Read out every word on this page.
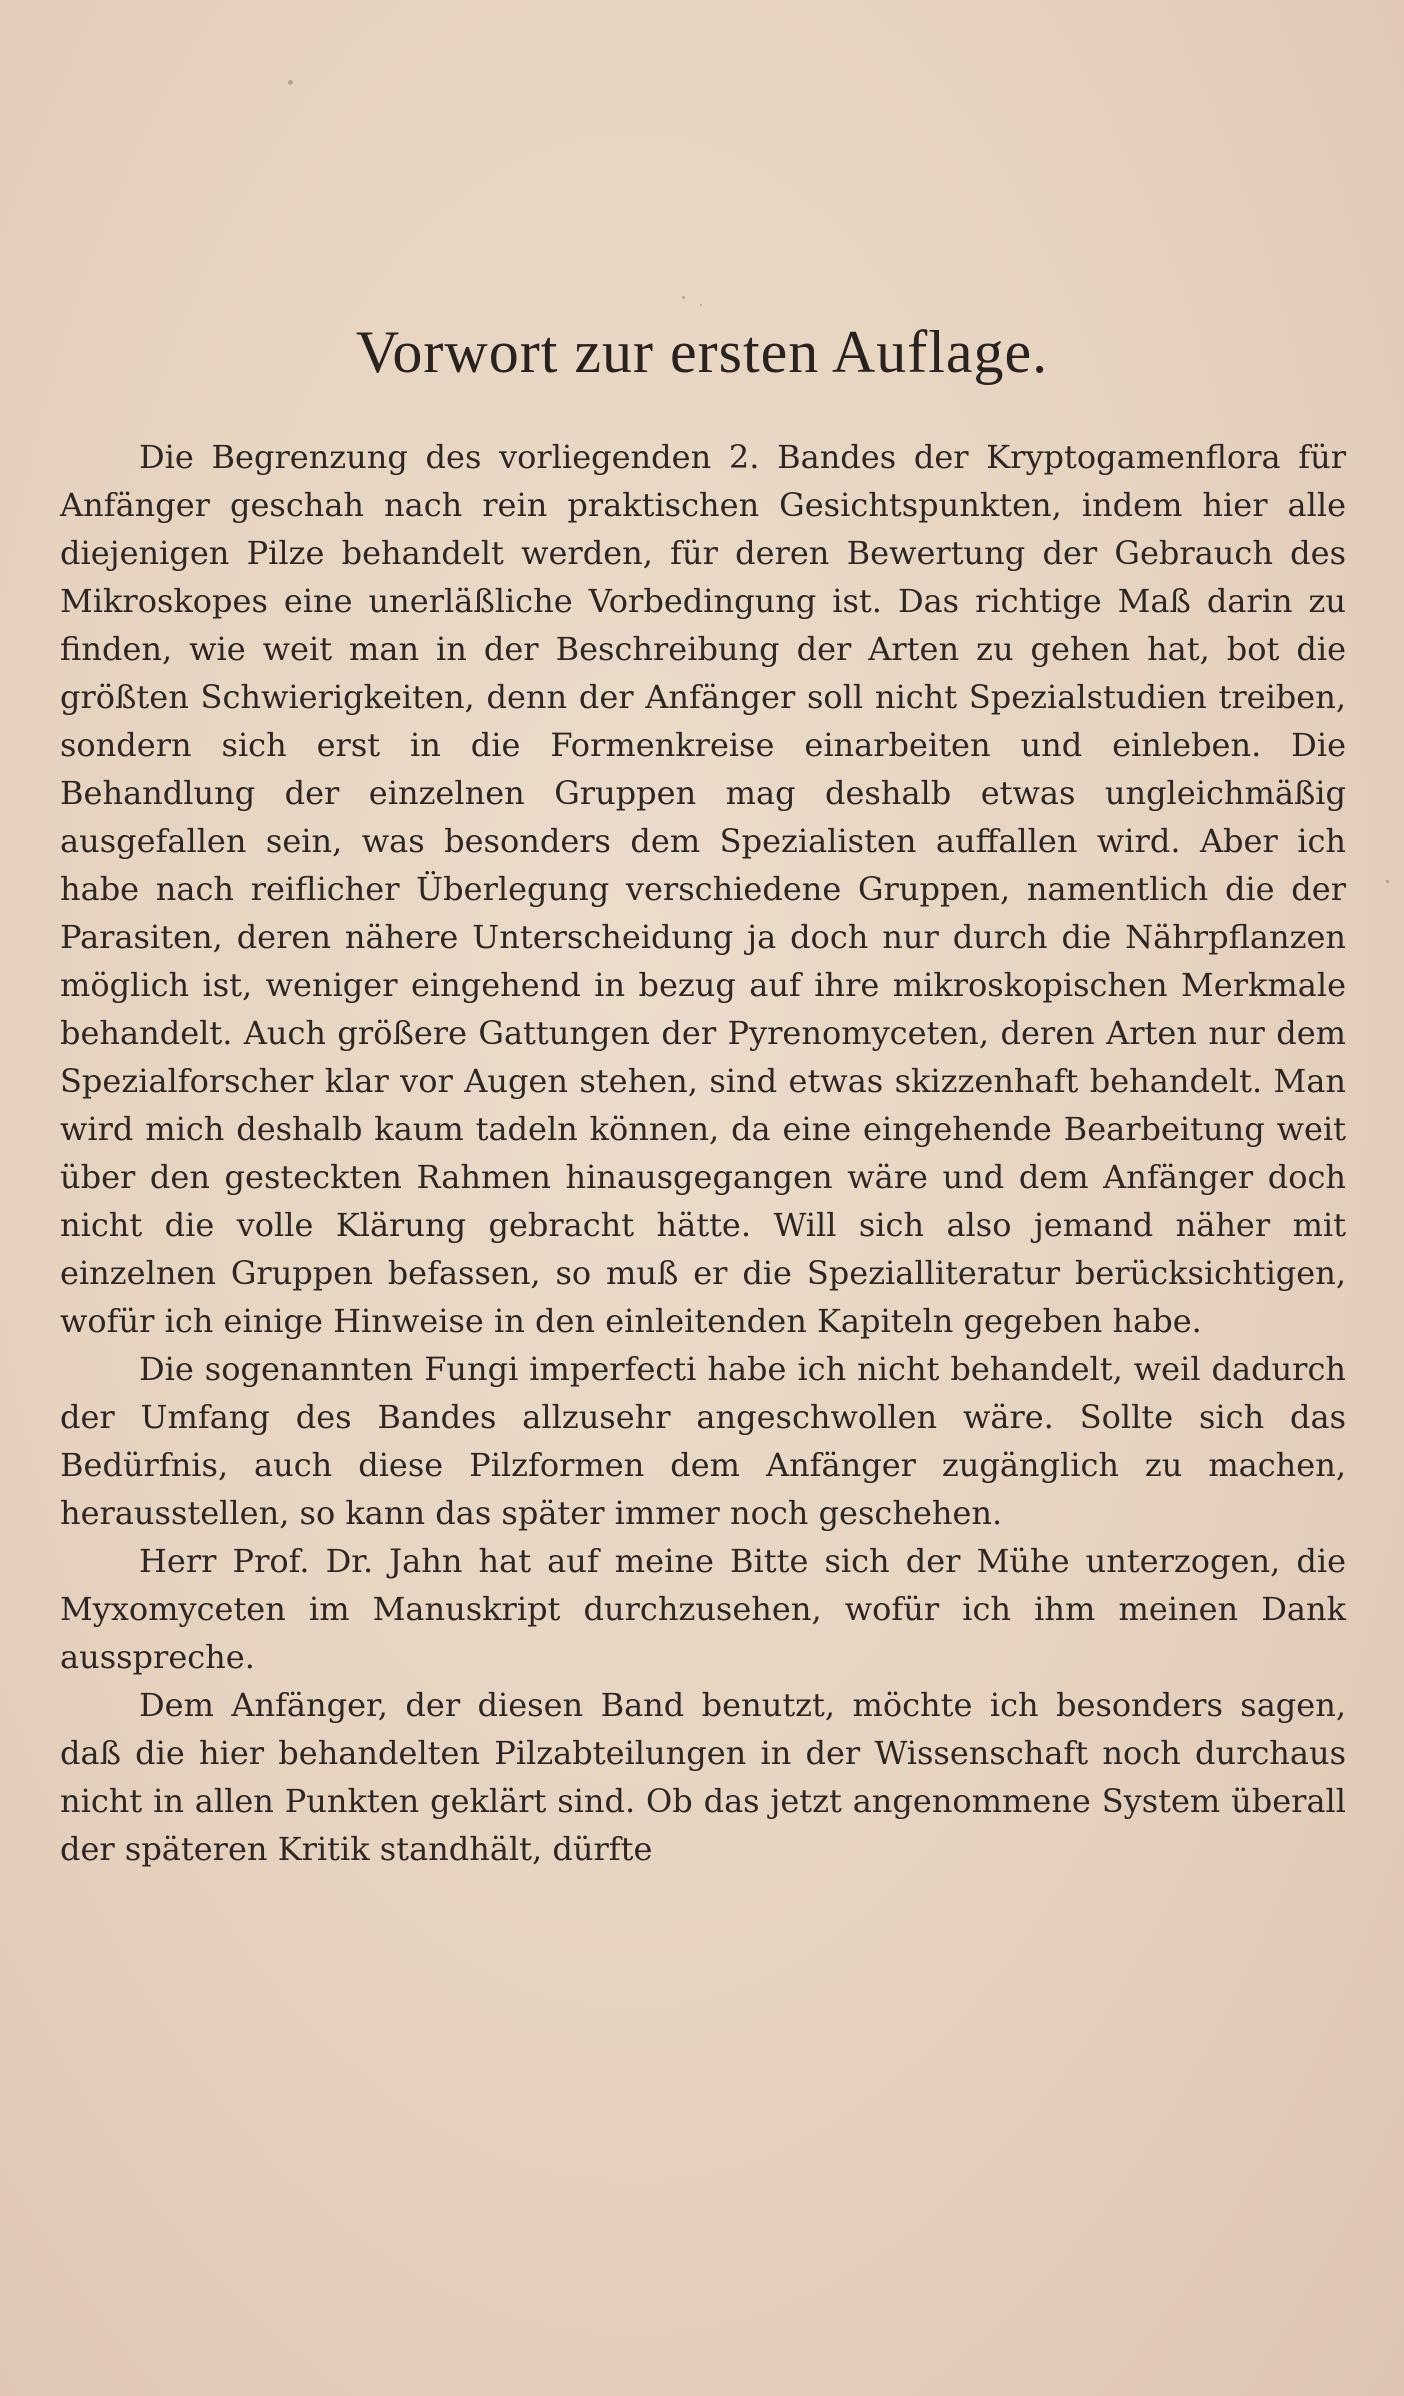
Vorwort zur ersten Auflage.

Die Begrenzung des vorliegenden 2. Bandes der Kryptogamenflora für Anfänger geschah nach rein praktischen Gesichtspunkten, indem hier alle diejenigen Pilze behandelt werden, für deren Bewertung der Gebrauch des Mikroskopes eine unerläßliche Vorbedingung ist. Das richtige Maß darin zu finden, wie weit man in der Beschreibung der Arten zu gehen hat, bot die größten Schwierigkeiten, denn der Anfänger soll nicht Spezialstudien treiben, sondern sich erst in die Formenkreise einarbeiten und einleben. Die Behandlung der einzelnen Gruppen mag deshalb etwas ungleichmäßig ausgefallen sein, was besonders dem Spezialisten auffallen wird. Aber ich habe nach reiflicher Überlegung verschiedene Gruppen, namentlich die der Parasiten, deren nähere Unterscheidung ja doch nur durch die Nährpflanzen möglich ist, weniger eingehend in bezug auf ihre mikroskopischen Merkmale behandelt. Auch größere Gattungen der Pyrenomyceten, deren Arten nur dem Spezialforscher klar vor Augen stehen, sind etwas skizzenhaft behandelt. Man wird mich deshalb kaum tadeln können, da eine eingehende Bearbeitung weit über den gesteckten Rahmen hinausgegangen wäre und dem Anfänger doch nicht die volle Klärung gebracht hätte. Will sich also jemand näher mit einzelnen Gruppen befassen, so muß er die Spezialliteratur berücksichtigen, wofür ich einige Hinweise in den einleitenden Kapiteln gegeben habe.

Die sogenannten Fungi imperfecti habe ich nicht behandelt, weil dadurch der Umfang des Bandes allzusehr angeschwollen wäre. Sollte sich das Bedürfnis, auch diese Pilzformen dem Anfänger zugänglich zu machen, herausstellen, so kann das später immer noch geschehen.

Herr Prof. Dr. Jahn hat auf meine Bitte sich der Mühe unterzogen, die Myxomyceten im Manuskript durchzusehen, wofür ich ihm meinen Dank ausspreche.

Dem Anfänger, der diesen Band benutzt, möchte ich besonders sagen, daß die hier behandelten Pilzabteilungen in der Wissenschaft noch durchaus nicht in allen Punkten geklärt sind. Ob das jetzt angenommene System überall der späteren Kritik standhält, dürfte
